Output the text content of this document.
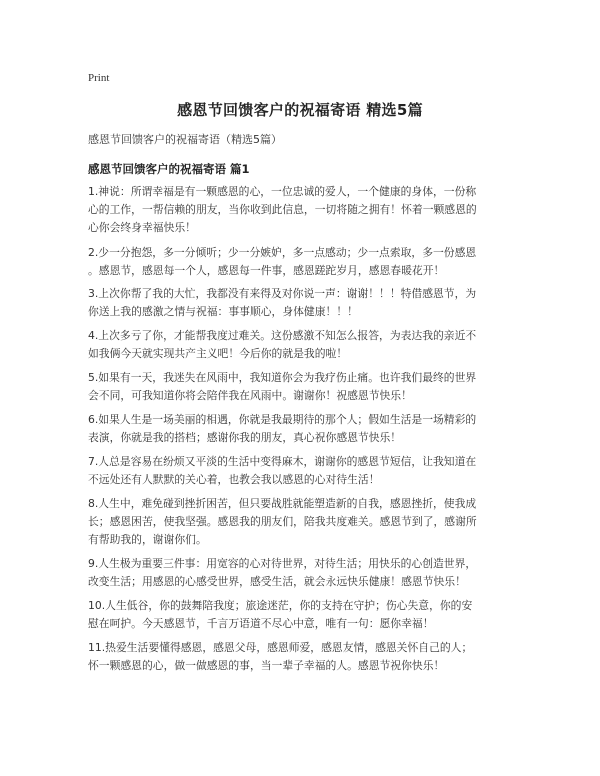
Print
感恩节回馈客户的祝福寄语 精选5篇
感恩节回馈客户的祝福寄语（精选5篇）
感恩节回馈客户的祝福寄语 篇1
1.神说：所谓幸福是有一颗感恩的心，一位忠诚的爱人，一个健康的身体，一份称
心的工作，一帮信赖的朋友，当你收到此信息，一切将随之拥有！怀着一颗感恩的
心你会终身幸福快乐！
2.少一分抱怨，多一分倾听；少一分嫉妒，多一点感动；少一点索取，多一份感恩
。感恩节，感恩每一个人，感恩每一件事，感恩蹉跎岁月，感恩春暖花开！
3.上次你帮了我的大忙，我都没有来得及对你说一声：谢谢！！！特借感恩节，为
你送上我的感激之情与祝福：事事顺心，身体健康！！！
4.上次多亏了你，才能帮我度过难关。这份感激不知怎么报答，为表达我的亲近不
如我俩今天就实现共产主义吧！今后你的就是我的啦！
5.如果有一天，我迷失在风雨中，我知道你会为我疗伤止痛。也许我们最终的世界
会不同，可我知道你将会陪伴我在风雨中。谢谢你！祝感恩节快乐！
6.如果人生是一场美丽的相遇，你就是我最期待的那个人；假如生活是一场精彩的
表演，你就是我的搭档；感谢你我的朋友，真心祝你感恩节快乐！
7.人总是容易在纷烦又平淡的生活中变得麻木，谢谢你的感恩节短信，让我知道在
不远处还有人默默的关心着，也教会我以感恩的心对待生活！
8.人生中，难免碰到挫折困苦，但只要战胜就能塑造新的自我，感恩挫折，使我成
长；感恩困苦，使我坚强。感恩我的朋友们，陪我共度难关。感恩节到了，感谢所
有帮助我的，谢谢你们。
9.人生极为重要三件事：用宽容的心对待世界，对待生活；用快乐的心创造世界，
改变生活；用感恩的心感受世界，感受生活，就会永远快乐健康！感恩节快乐！
10.人生低谷，你的鼓舞陪我度；旅途迷茫，你的支持在守护；伤心失意，你的安
慰在呵护。今天感恩节，千言万语道不尽心中意，唯有一句：愿你幸福！
11.热爱生活要懂得感恩，感恩父母，感恩师爱，感恩友情，感恩关怀自己的人；
怀一颗感恩的心，做一做感恩的事，当一辈子幸福的人。感恩节祝你快乐！
